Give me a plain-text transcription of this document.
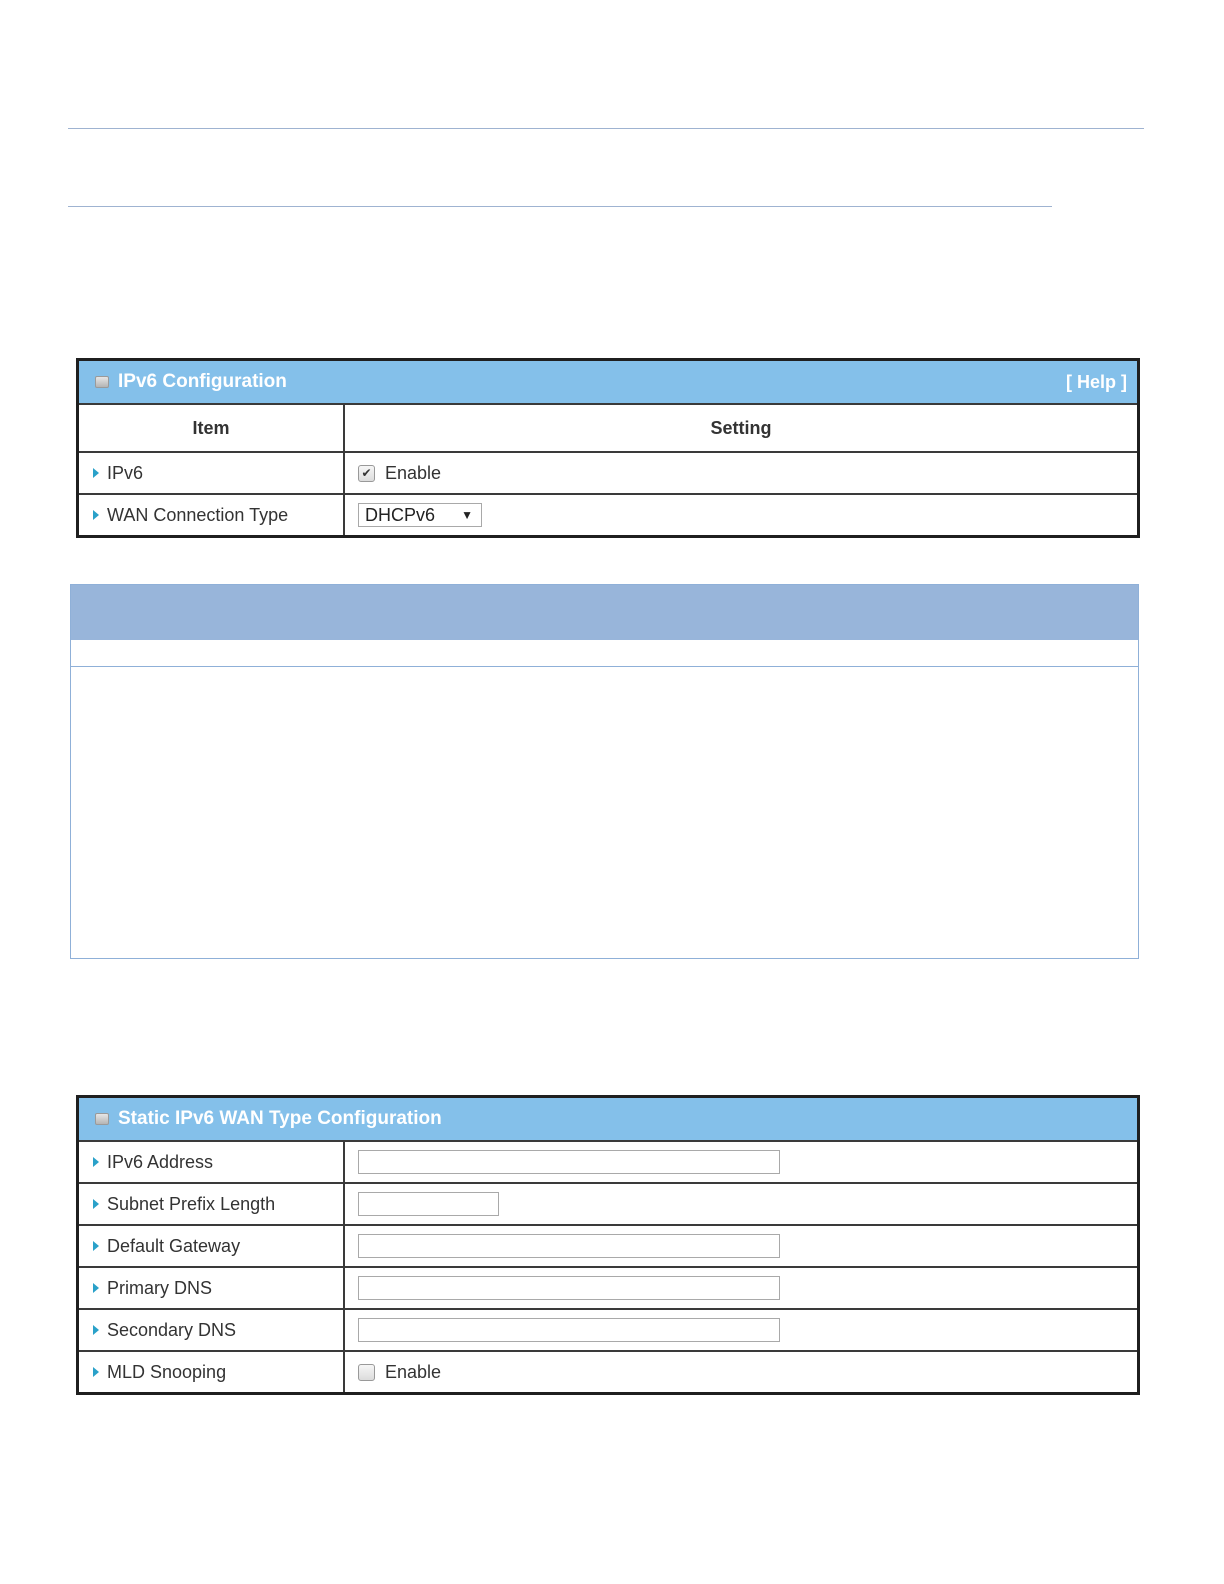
IPv6 Configuration	[ Help ]
Item	Setting

IPv6	✔ Enable

WAN Connection Type	DHCPv6 ▼
Static IPv6 WAN Type Configuration
IPv6 Address	

Subnet Prefix Length	

Default Gateway	

Primary DNS	

Secondary DNS	

MLD Snooping	Enable
